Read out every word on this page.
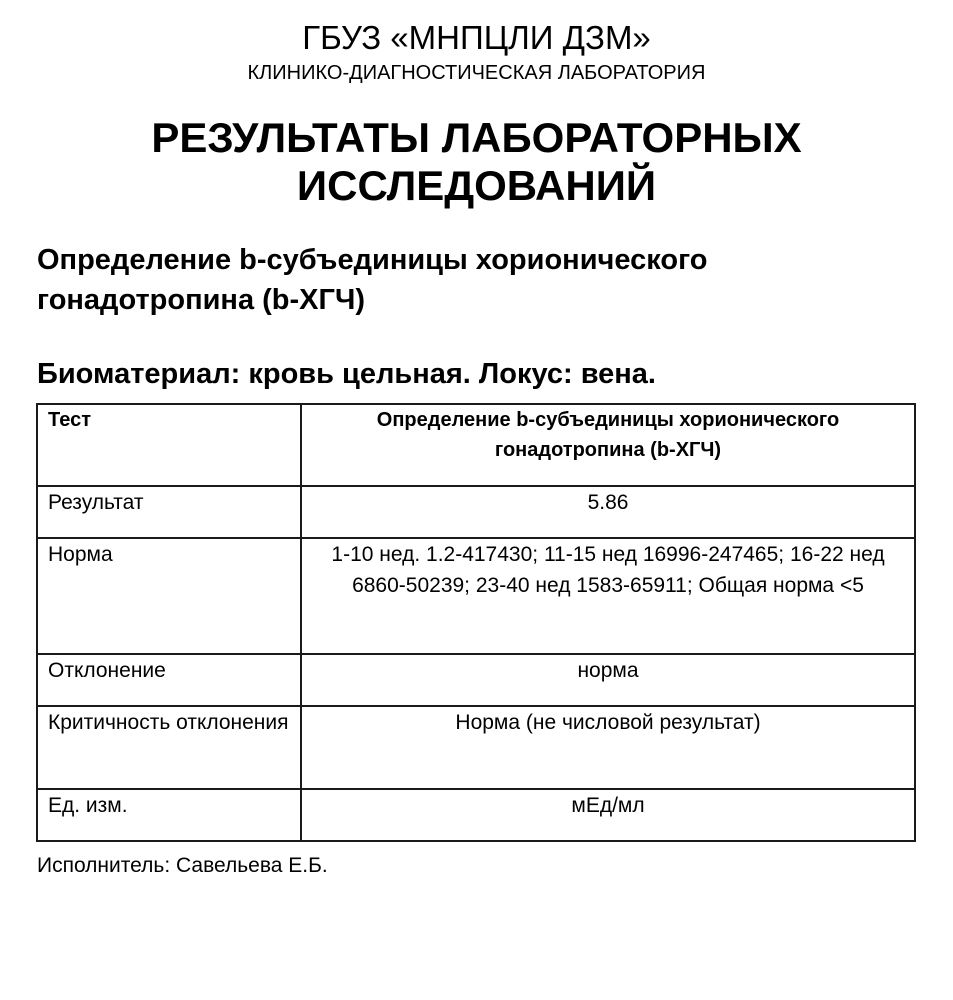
ГБУЗ «МНПЦЛИ ДЗМ»
КЛИНИКО-ДИАГНОСТИЧЕСКАЯ ЛАБОРАТОРИЯ
РЕЗУЛЬТАТЫ ЛАБОРАТОРНЫХ ИССЛЕДОВАНИЙ
Определение b-субъединицы хорионического гонадотропина (b-ХГЧ)
Биоматериал: кровь цельная. Локус: вена.
Тест	Определение b-субъединицы хорионического гонадотропина (b-ХГЧ)
Результат	5.86
Норма	1-10 нед. 1.2-417430; 11-15 нед 16996-247465; 16-22 нед 6860-50239; 23-40 нед 1583-65911; Общая норма <5
Отклонение	норма
Критичность отклонения	Норма (не числовой результат)
Ед. изм.	мЕд/мл
Исполнитель: Савельева Е.Б.
